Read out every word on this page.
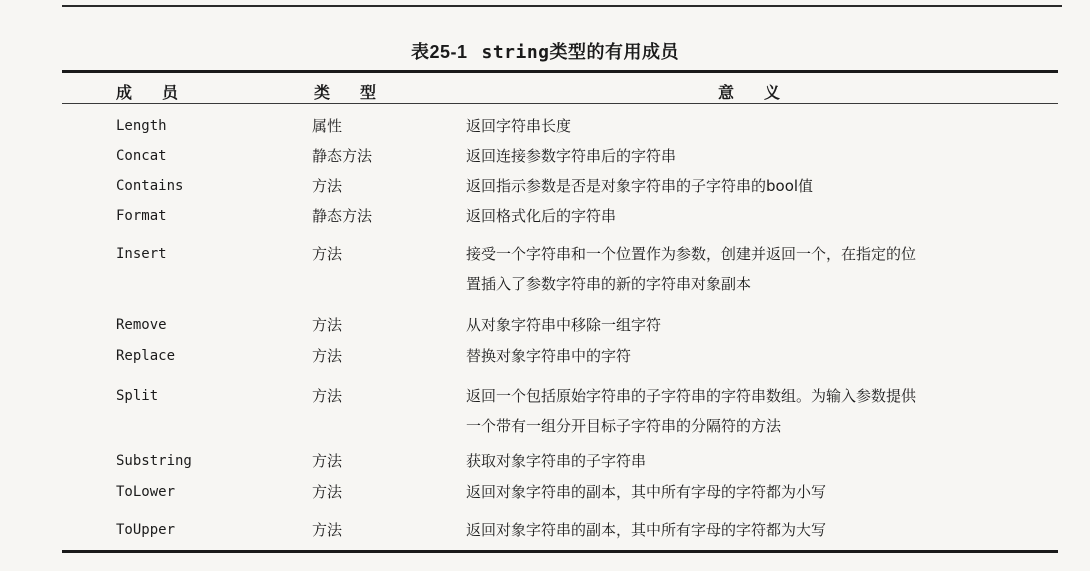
表25-1 string类型的有用成员
成 员	类 型	意 义
Length	属性	返回字符串长度
Concat	静态方法	返回连接参数字符串后的字符串
Contains	方法	返回指示参数是否是对象字符串的子字符串的bool值
Format	静态方法	返回格式化后的字符串
Insert	方法	接受一个字符串和一个位置作为参数，创建并返回一个，在指定的位
置插入了参数字符串的新的字符串对象副本
Remove	方法	从对象字符串中移除一组字符
Replace	方法	替换对象字符串中的字符
Split	方法	返回一个包括原始字符串的子字符串的字符串数组。为输入参数提供
一个带有一组分开目标子字符串的分隔符的方法
Substring	方法	获取对象字符串的子字符串
ToLower	方法	返回对象字符串的副本，其中所有字母的字符都为小写
ToUpper	方法	返回对象字符串的副本，其中所有字母的字符都为大写
